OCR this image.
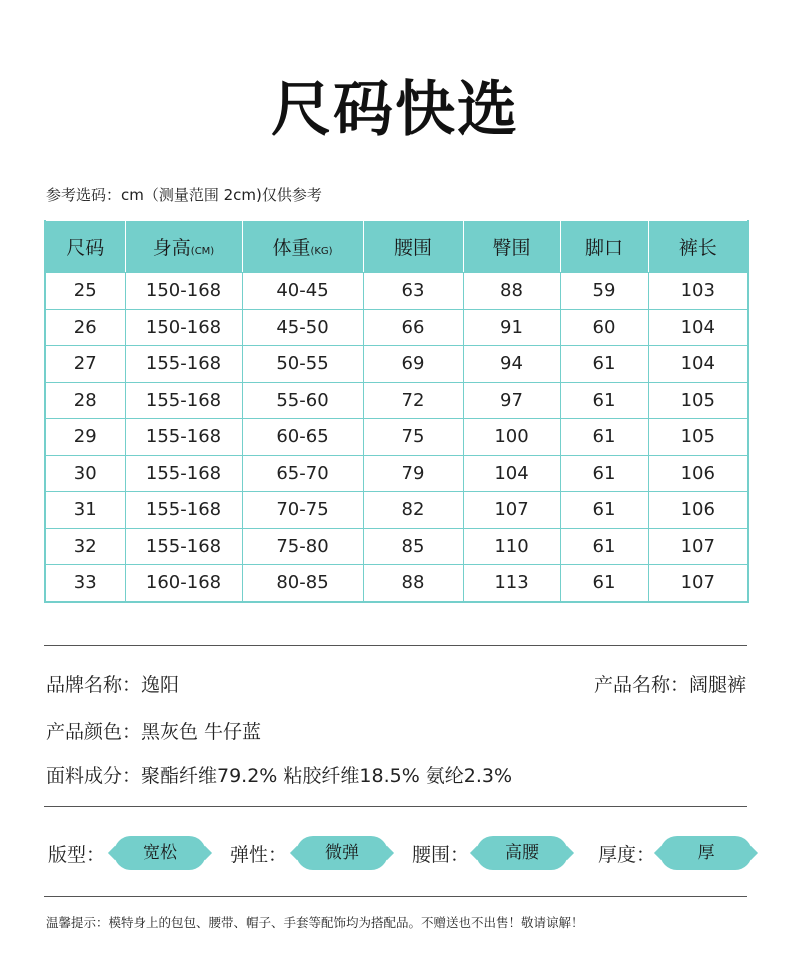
尺码快选
参考选码：cm（测量范围 2cm)仅供参考
尺码	身高(CM)	体重(KG)	腰围	臀围	脚口	裤长
25	150-168	40-45	63	88	59	103
26	150-168	45-50	66	91	60	104
27	155-168	50-55	69	94	61	104
28	155-168	55-60	72	97	61	105
29	155-168	60-65	75	100	61	105
30	155-168	65-70	79	104	61	106
31	155-168	70-75	82	107	61	106
32	155-168	75-80	85	110	61	107
33	160-168	80-85	88	113	61	107
品牌名称：逸阳	产品名称：阔腿裤
产品颜色：黑灰色 牛仔蓝
面料成分：聚酯纤维79.2% 粘胶纤维18.5% 氨纶2.3%
版型：	宽松	弹性：	微弹	腰围：	高腰	厚度：	厚
温馨提示：模特身上的包包、腰带、帽子、手套等配饰均为搭配品。不赠送也不出售！敬请谅解！
